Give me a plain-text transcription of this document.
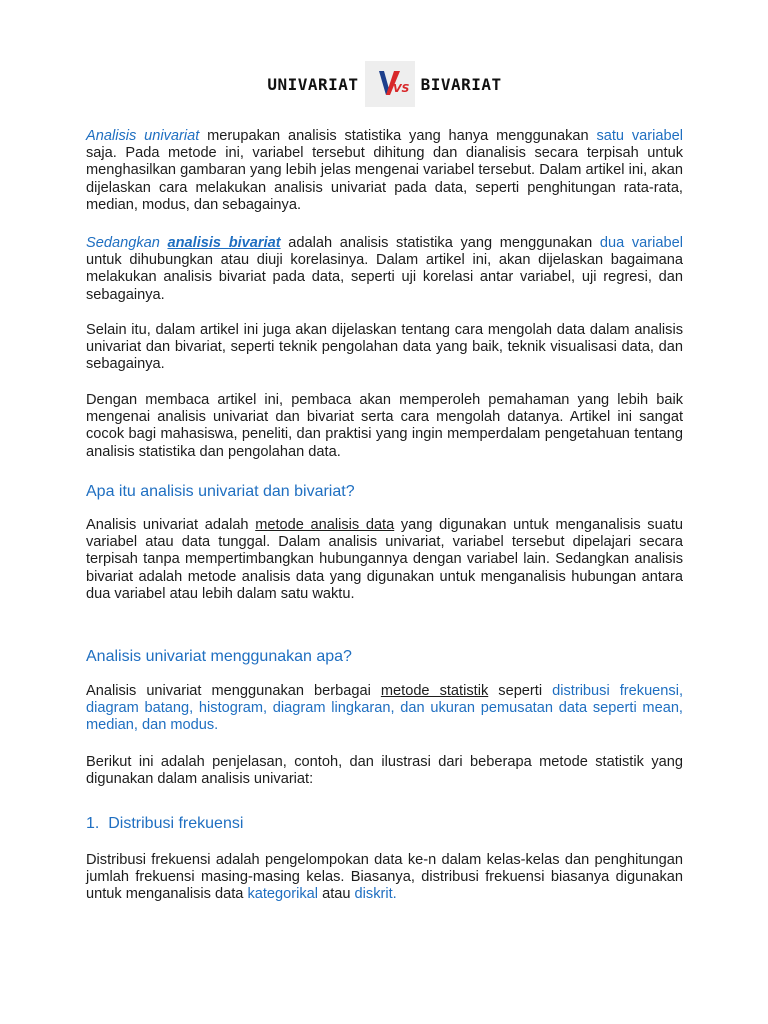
UNIVARIAT	VS BIVARIAT

Analisis univariat merupakan analisis statistika yang hanya menggunakan satu variabel saja. Pada metode ini, variabel tersebut dihitung dan dianalisis secara terpisah untuk menghasilkan gambaran yang lebih jelas mengenai variabel tersebut. Dalam artikel ini, akan dijelaskan cara melakukan analisis univariat pada data, seperti penghitungan rata-rata, median, modus, dan sebagainya.

Sedangkan analisis bivariat adalah analisis statistika yang menggunakan dua variabel untuk dihubungkan atau diuji korelasinya. Dalam artikel ini, akan dijelaskan bagaimana melakukan analisis bivariat pada data, seperti uji korelasi antar variabel, uji regresi, dan sebagainya.

Selain itu, dalam artikel ini juga akan dijelaskan tentang cara mengolah data dalam analisis univariat dan bivariat, seperti teknik pengolahan data yang baik, teknik visualisasi data, dan sebagainya.

Dengan membaca artikel ini, pembaca akan memperoleh pemahaman yang lebih baik mengenai analisis univariat dan bivariat serta cara mengolah datanya. Artikel ini sangat cocok bagi mahasiswa, peneliti, dan praktisi yang ingin memperdalam pengetahuan tentang analisis statistika dan pengolahan data.

Apa itu analisis univariat dan bivariat?

Analisis univariat adalah metode analisis data yang digunakan untuk menganalisis suatu variabel atau data tunggal. Dalam analisis univariat, variabel tersebut dipelajari secara terpisah tanpa mempertimbangkan hubungannya dengan variabel lain. Sedangkan analisis bivariat adalah metode analisis data yang digunakan untuk menganalisis hubungan antara dua variabel atau lebih dalam satu waktu.

Analisis univariat menggunakan apa?

Analisis univariat menggunakan berbagai metode statistik seperti distribusi frekuensi, diagram batang, histogram, diagram lingkaran, dan ukuran pemusatan data seperti mean, median, dan modus.

Berikut ini adalah penjelasan, contoh, dan ilustrasi dari beberapa metode statistik yang digunakan dalam analisis univariat:

1. Distribusi frekuensi

Distribusi frekuensi adalah pengelompokan data ke-n dalam kelas-kelas dan penghitungan jumlah frekuensi masing-masing kelas. Biasanya, distribusi frekuensi biasanya digunakan untuk menganalisis data kategorikal atau diskrit.
